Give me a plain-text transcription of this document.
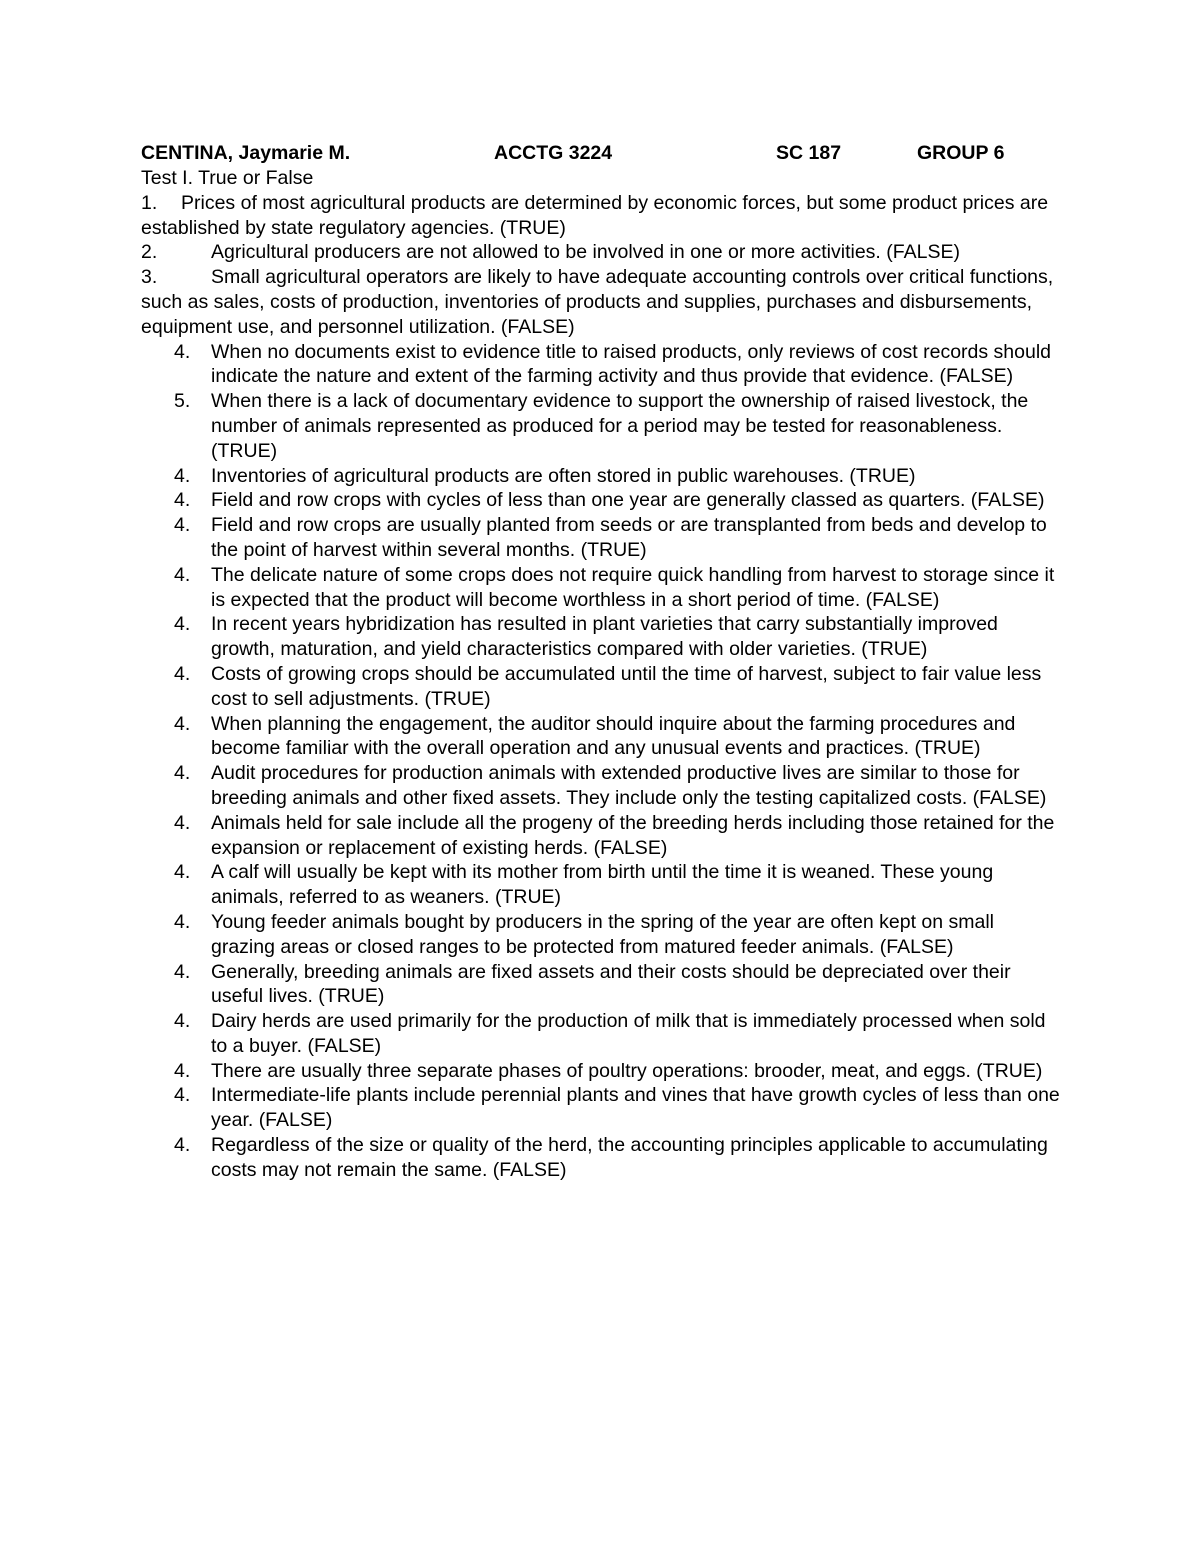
CENTINA, Jaymarie M.	ACCTG 3224	SC 187	GROUP 6
Test I. True or False
1. Prices of most agricultural products are determined by economic forces, but some product prices are established by state regulatory agencies. (TRUE)
2.	Agricultural producers are not allowed to be involved in one or more activities. (FALSE)
3.	Small agricultural operators are likely to have adequate accounting controls over critical functions, such as sales, costs of production, inventories of products and supplies, purchases and disbursements, equipment use, and personnel utilization. (FALSE)
4.	When no documents exist to evidence title to raised products, only reviews of cost records should indicate the nature and extent of the farming activity and thus provide that evidence. (FALSE)
5.	When there is a lack of documentary evidence to support the ownership of raised livestock, the number of animals represented as produced for a period may be tested for reasonableness. (TRUE)
4.	Inventories of agricultural products are often stored in public warehouses. (TRUE)
4.	Field and row crops with cycles of less than one year are generally classed as quarters. (FALSE)
4.	Field and row crops are usually planted from seeds or are transplanted from beds and develop to the point of harvest within several months. (TRUE)
4.	The delicate nature of some crops does not require quick handling from harvest to storage since it is expected that the product will become worthless in a short period of time. (FALSE)
4.	In recent years hybridization has resulted in plant varieties that carry substantially improved growth, maturation, and yield characteristics compared with older varieties. (TRUE)
4.	Costs of growing crops should be accumulated until the time of harvest, subject to fair value less cost to sell adjustments. (TRUE)
4.	When planning the engagement, the auditor should inquire about the farming procedures and become familiar with the overall operation and any unusual events and practices. (TRUE)
4.	Audit procedures for production animals with extended productive lives are similar to those for breeding animals and other fixed assets. They include only the testing capitalized costs. (FALSE)
4.	Animals held for sale include all the progeny of the breeding herds including those retained for the expansion or replacement of existing herds. (FALSE)
4.	A calf will usually be kept with its mother from birth until the time it is weaned. These young animals, referred to as weaners. (TRUE)
4.	Young feeder animals bought by producers in the spring of the year are often kept on small grazing areas or closed ranges to be protected from matured feeder animals. (FALSE)
4.	Generally, breeding animals are fixed assets and their costs should be depreciated over their useful lives. (TRUE)
4.	Dairy herds are used primarily for the production of milk that is immediately processed when sold to a buyer. (FALSE)
4.	There are usually three separate phases of poultry operations: brooder, meat, and eggs. (TRUE)
4.	Intermediate-life plants include perennial plants and vines that have growth cycles of less than one year. (FALSE)
4.	Regardless of the size or quality of the herd, the accounting principles applicable to accumulating costs may not remain the same. (FALSE)
